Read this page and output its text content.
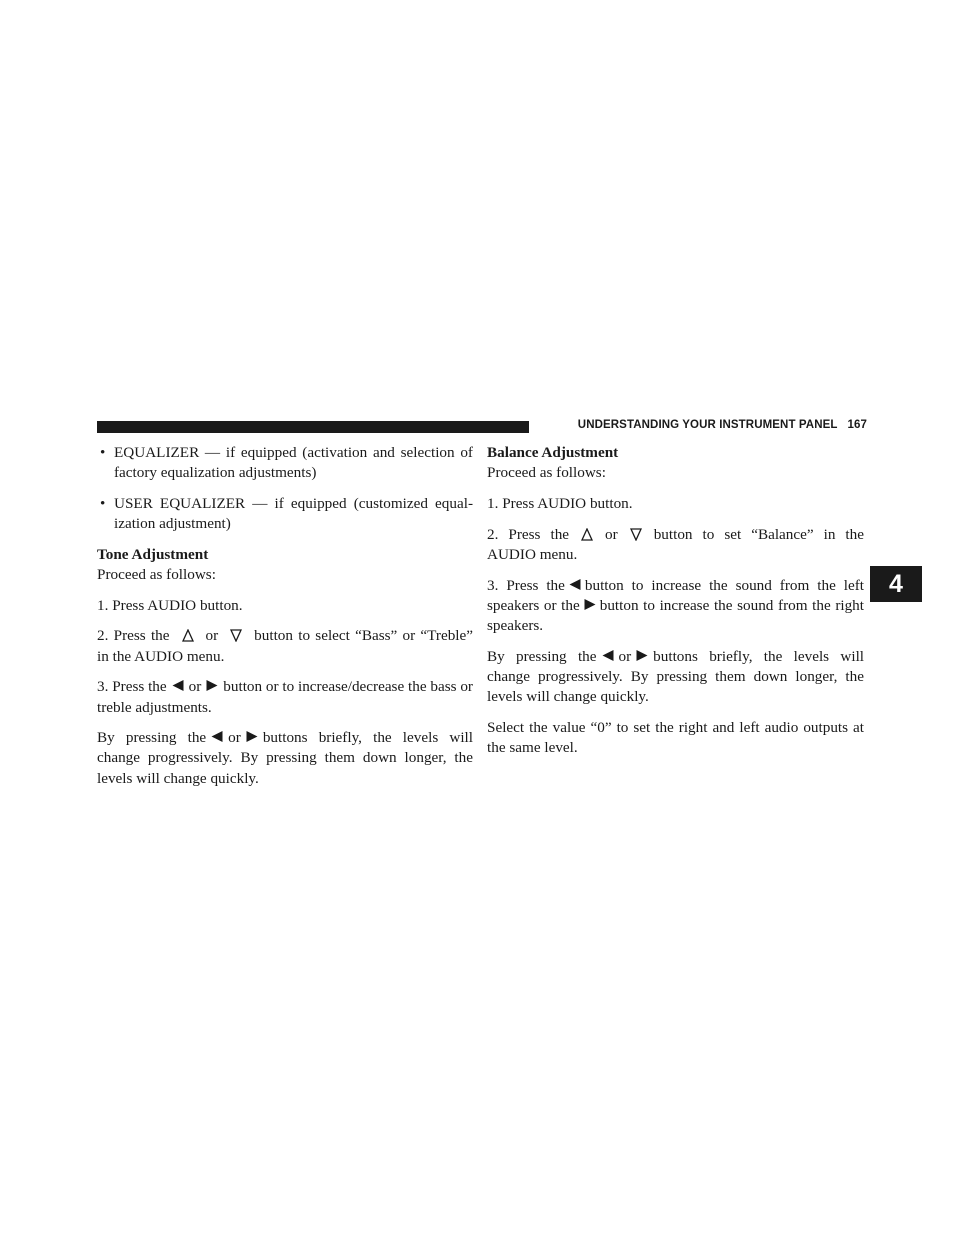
UNDERSTANDING YOUR INSTRUMENT PANEL 167
4
• EQUALIZER — if equipped (activation and selection of factory equalization adjustments)
• USER EQUALIZER — if equipped (customized equal-ization adjustment)

Tone Adjustment

Proceed as follows:

1. Press AUDIO button.

2. Press the or button to select “Bass” or “Treble” in the AUDIO menu.

3. Press the or button or to increase/decrease the bass or treble adjustments.

By pressing the or buttons briefly, the levels will change progressively. By pressing them down longer, the levels will change quickly.

Balance Adjustment

Proceed as follows:

1. Press AUDIO button.

2. Press the or button to set “Balance” in the AUDIO menu.

3. Press the button to increase the sound from the left speakers or the button to increase the sound from the right speakers.

By pressing the or buttons briefly, the levels will change progressively. By pressing them down longer, the levels will change quickly.

Select the value “0” to set the right and left audio outputs at the same level.
